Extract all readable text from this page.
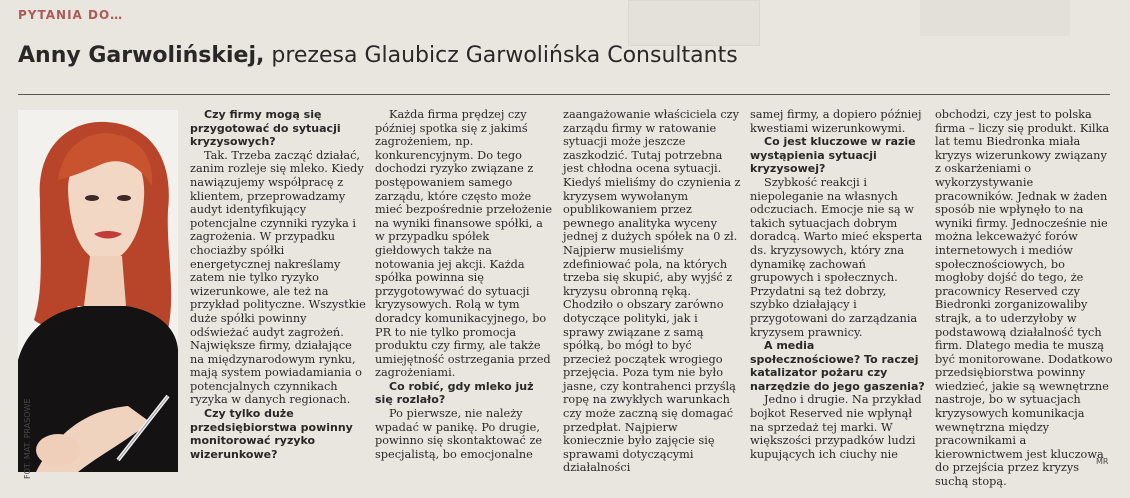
PYTANIA DO…
Anny Garwolińskiej, prezesa Glaubicz Garwolińska Consultants
FOT. MAT. PRASOWE

Czy firmy mogą się przygotować do sytuacji kryzysowych?

Tak. Trzeba zacząć działać, zanim rozleje się mleko. Kiedy nawiązujemy współpracę z klientem, przeprowadzamy audyt identyfikujący potencjalne czynniki ryzyka i zagrożenia. W przypadku chociażby spółki energetycznej nakreślamy zatem nie tylko ryzyko wizerunkowe, ale też na przykład polityczne. Wszystkie duże spółki powinny odświeżać audyt zagrożeń. Największe firmy, działające na międzynarodowym rynku, mają system powiadamiania o potencjalnych czynnikach ryzyka w danych regionach.

Czy tylko duże przedsiębiorstwa powinny monitorować ryzyko wizerunkowe?

Każda firma prędzej czy później spotka się z jakimś zagrożeniem, np. konkurencyjnym. Do tego dochodzi ryzyko związane z postępowaniem samego zarządu, które często może mieć bezpośrednie przełożenie na wyniki finansowe spółki, a w przypadku spółek giełdowych także na notowania jej akcji. Każda spółka powinna się przygotowywać do sytuacji kryzysowych. Rolą w tym doradcy komunikacyjnego, bo PR to nie tylko promocja produktu czy firmy, ale także umiejętność ostrzegania przed zagrożeniami.

Co robić, gdy mleko już się rozlało?

Po pierwsze, nie należy wpadać w panikę. Po drugie, powinno się skontaktować ze specjalistą, bo emocjonalne

zaangażowanie właściciela czy zarządu firmy w ratowanie sytuacji może jeszcze zaszkodzić. Tutaj potrzebna jest chłodna ocena sytuacji. Kiedyś mieliśmy do czynienia z kryzysem wywołanym opublikowaniem przez pewnego analityka wyceny jednej z dużych spółek na 0 zł. Najpierw musieliśmy zdefiniować pola, na których trzeba się skupić, aby wyjść z kryzysu obronną ręką. Chodziło o obszary zarówno dotyczące polityki, jak i sprawy związane z samą spółką, bo mógł to być przecież początek wrogiego przejęcia. Poza tym nie było jasne, czy kontrahenci przyślą ropę na zwykłych warunkach czy może zaczną się domagać przedpłat. Najpierw koniecznie było zajęcie się sprawami dotyczącymi działalności

samej firmy, a dopiero później kwestiami wizerunkowymi.

Co jest kluczowe w razie wystąpienia sytuacji kryzysowej?

Szybkość reakcji i niepoleganie na własnych odczuciach. Emocje nie są w takich sytuacjach dobrym doradcą. Warto mieć eksperta ds. kryzysowych, który zna dynamikę zachowań grupowych i społecznych. Przydatni są też dobrzy, szybko działający i przygotowani do zarządzania kryzysem prawnicy.

A media społecznościowe? To raczej katalizator pożaru czy narzędzie do jego gaszenia?

Jedno i drugie. Na przykład bojkot Reserved nie wpłynął na sprzedaż tej marki. W większości przypadków ludzi kupujących ich ciuchy nie

obchodzi, czy jest to polska firma – liczy się produkt. Kilka lat temu Biedronka miała kryzys wizerunkowy związany z oskarżeniami o wykorzystywanie pracowników. Jednak w żaden sposób nie wpłynęło to na wyniki firmy. Jednocześnie nie można lekceważyć forów internetowych i mediów społecznościowych, bo mogłoby dojść do tego, że pracownicy Reserved czy Biedronki zorganizowaliby strajk, a to uderzyłoby w podstawową działalność tych firm. Dlatego media te muszą być monitorowane. Dodatkowo przedsiębiorstwa powinny wiedzieć, jakie są wewnętrzne nastroje, bo w sytuacjach kryzysowych komunikacja wewnętrzna między pracownikami a kierownictwem jest kluczowa do przejścia przez kryzys suchą stopą.

MR
